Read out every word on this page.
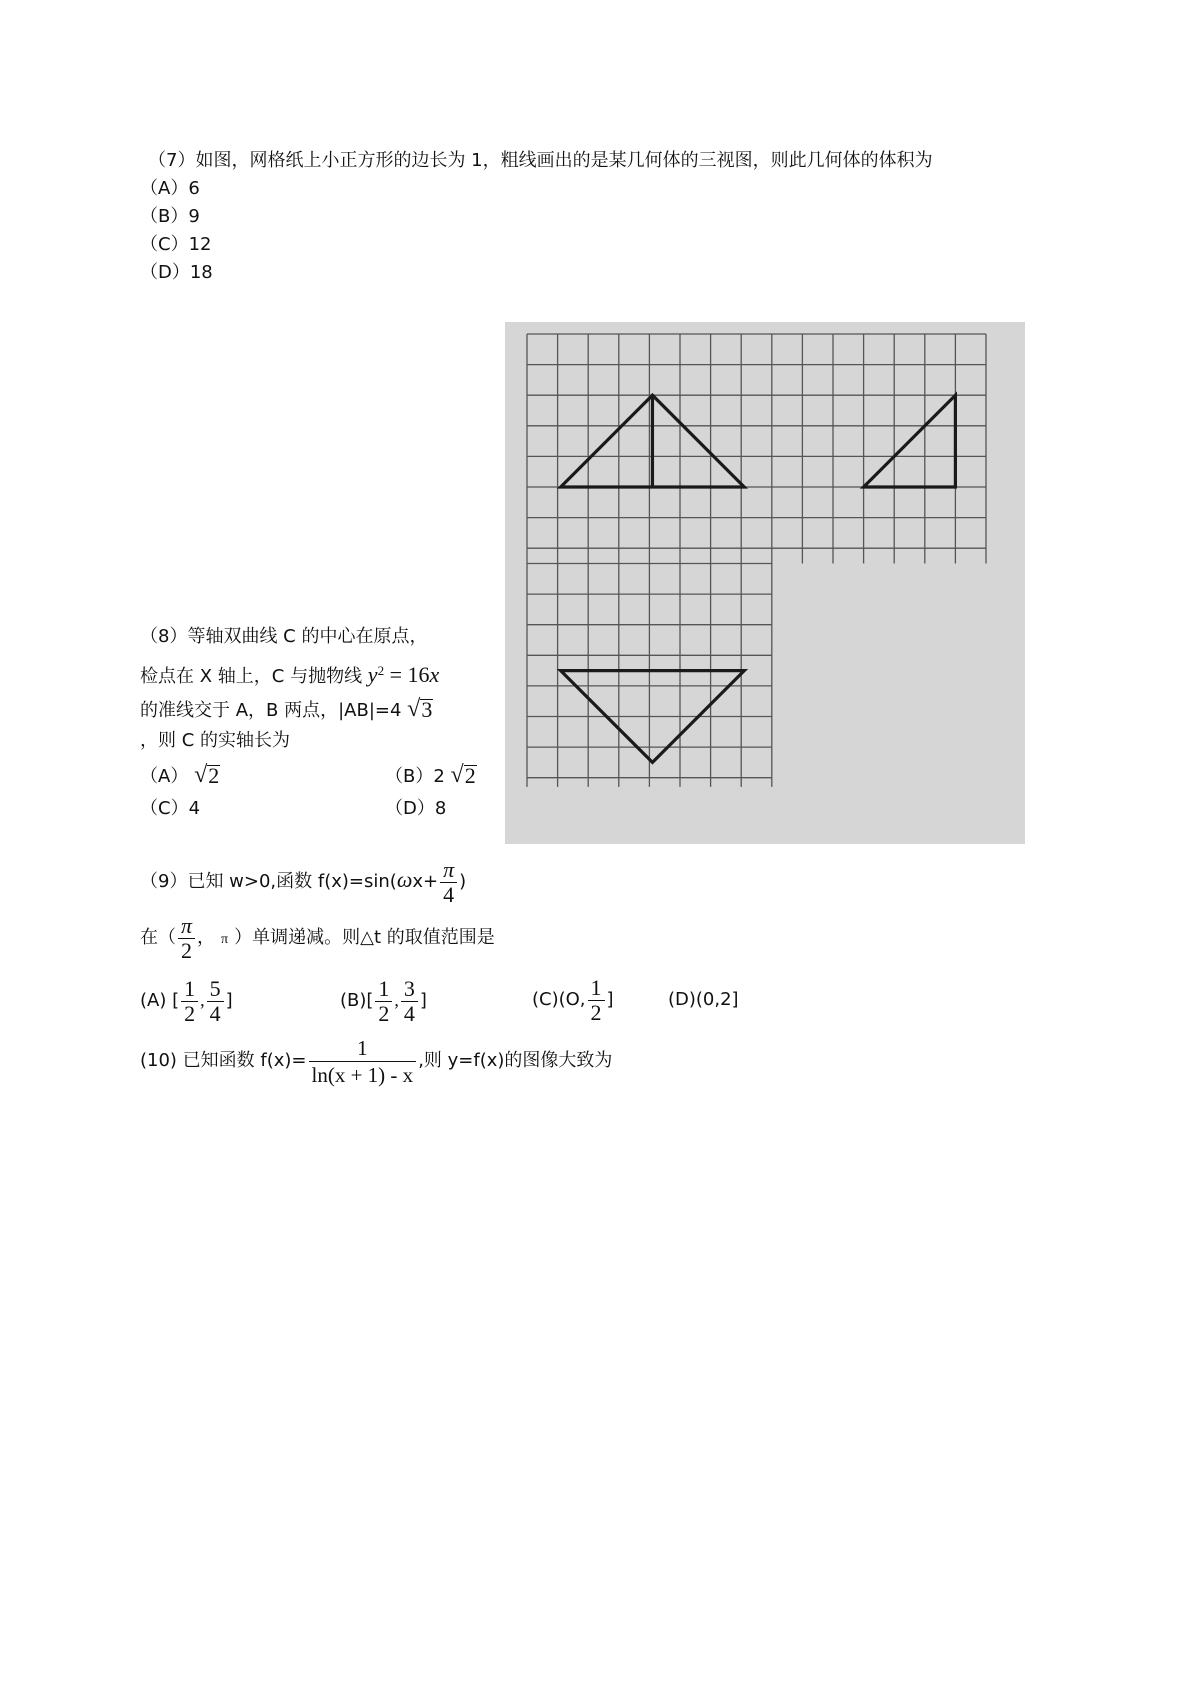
（7）如图，网格纸上小正方形的边长为 1，粗线画出的是某几何体的三视图，则此几何体的体积为
（A）6
（B）9
（C）12
（D）18
（8）等轴双曲线 C 的中心在原点，
检点在 X 轴上，C 与抛物线 $y^2 = 16x$
的准线交于 A，B 两点，|AB|=4 √ 3
，则 C 的实轴长为
（A） √ 2	（B）2 √ 2
（C）4	（D）8
（9）已知 w>0,函数 $f(x)=\sin(\omega x+ \frac{\pi}{4}$ )
在（ $\frac{\pi}{2}$ ， π ）单调递减。则△t 的取值范围是
(A) [ $\frac{1}{2}$ , $\frac{5}{4}$ ]	$(B)[ \frac{1}{2}$ , $\frac{3}{4}$ ]	(C)(O, $\frac{1}{2}$ ]	(D)(0,2]
(10) 已知函数 $f(x)= \frac{1}{\ln(x + 1) - x}$ ,则 y=f(x)的图像大致为
